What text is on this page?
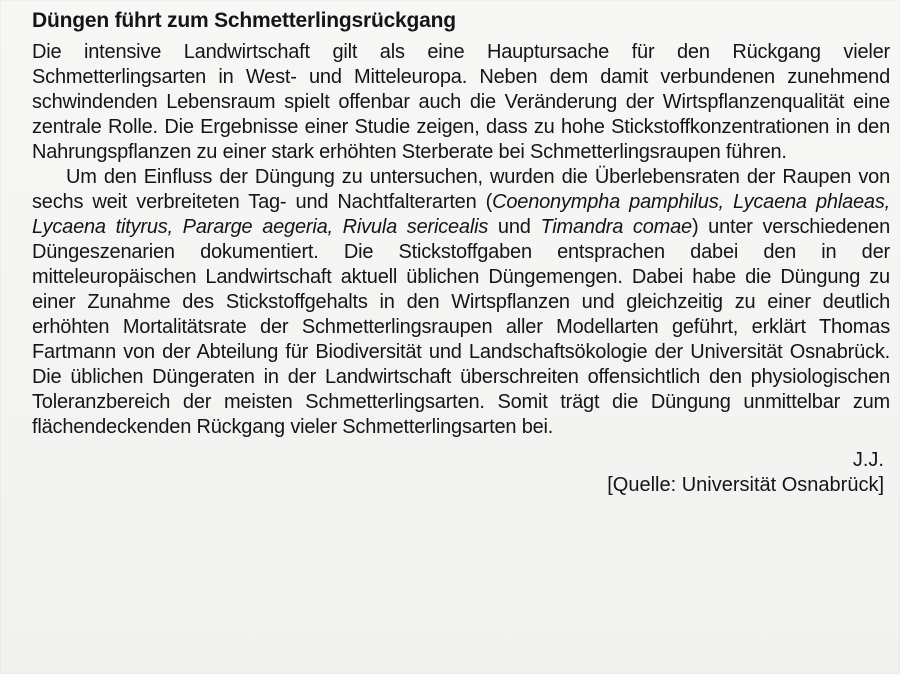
Düngen führt zum Schmetterlingsrückgang

Die intensive Landwirtschaft gilt als eine Hauptursache für den Rückgang vieler Schmetterlingsarten in West- und Mitteleuropa. Neben dem damit verbundenen zunehmend schwindenden Lebensraum spielt offenbar auch die Veränderung der Wirtspflanzenqualität eine zentrale Rolle. Die Ergebnisse einer Studie zeigen, dass zu hohe Stickstoffkonzentrationen in den Nahrungspflanzen zu einer stark erhöhten Sterberate bei Schmetterlingsraupen führen.

Um den Einfluss der Düngung zu untersuchen, wurden die Überlebensraten der Raupen von sechs weit verbreiteten Tag- und Nachtfalterarten (Coenonympha pamphilus, Lycaena phlaeas, Lycaena tityrus, Pararge aegeria, Rivula sericealis und Timandra comae) unter verschiedenen Düngeszenarien dokumentiert. Die Stickstoffgaben entsprachen dabei den in der mitteleuropäischen Landwirtschaft aktuell üblichen Düngemengen. Dabei habe die Düngung zu einer Zunahme des Stickstoffgehalts in den Wirtspflanzen und gleichzeitig zu einer deutlich erhöhten Mortalitätsrate der Schmetterlingsraupen aller Modellarten geführt, erklärt Thomas Fartmann von der Abteilung für Biodiversität und Landschaftsökologie der Universität Osnabrück. Die üblichen Düngeraten in der Landwirtschaft überschreiten offensichtlich den physiologischen Toleranzbereich der meisten Schmetterlingsarten. Somit trägt die Düngung unmittelbar zum flächendeckenden Rückgang vieler Schmetterlingsarten bei.

J.J.
[Quelle: Universität Osnabrück]
